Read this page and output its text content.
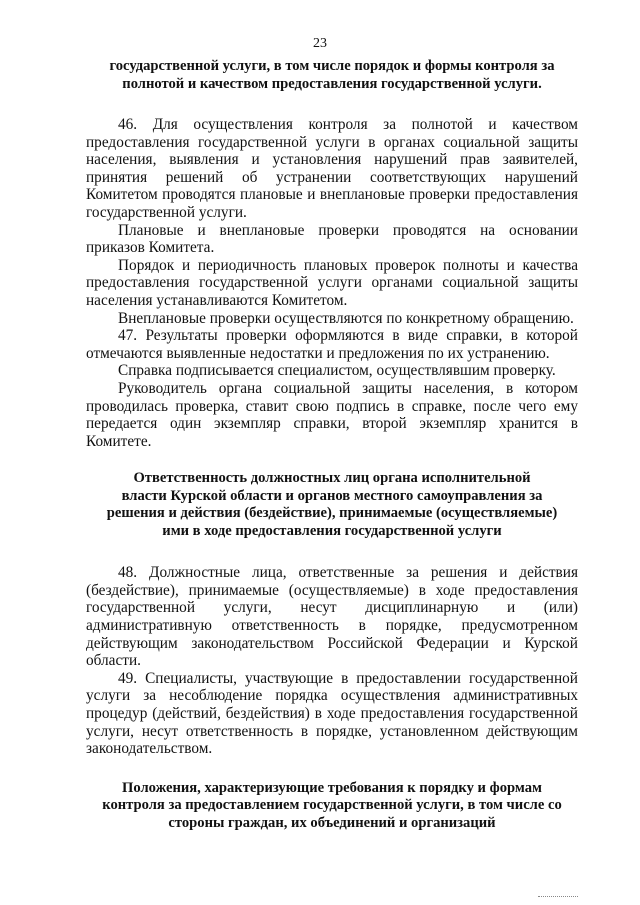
23
государственной услуги, в том числе порядок и формы контроля за
полнотой и качеством предоставления государственной услуги.

46. Для осуществления контроля за полнотой и качеством предоставления государственной услуги в органах социальной защиты населения, выявления и установления нарушений прав заявителей, принятия решений об устранении соответствующих нарушений Комитетом проводятся плановые и внеплановые проверки предоставления государственной услуги.

Плановые и внеплановые проверки проводятся на основании приказов Комитета.

Порядок и периодичность плановых проверок полноты и качества предоставления государственной услуги органами социальной защиты населения устанавливаются Комитетом.

Внеплановые проверки осуществляются по конкретному обращению.

47. Результаты проверки оформляются в виде справки, в которой отмечаются выявленные недостатки и предложения по их устранению.

Справка подписывается специалистом, осуществлявшим проверку.

Руководитель органа социальной защиты населения, в котором проводилась проверка, ставит свою подпись в справке, после чего ему передается один экземпляр справки, второй экземпляр хранится в Комитете.

Ответственность должностных лиц органа исполнительной
власти Курской области и органов местного самоуправления за
решения и действия (бездействие), принимаемые (осуществляемые)
ими в ходе предоставления государственной услуги

48. Должностные лица, ответственные за решения и действия (бездействие), принимаемые (осуществляемые) в ходе предоставления государственной услуги, несут дисциплинарную и (или) административную ответственность в порядке, предусмотренном действующим законодательством Российской Федерации и Курской области.

49. Специалисты, участвующие в предоставлении государственной услуги за несоблюдение порядка осуществления административных процедур (действий, бездействия) в ходе предоставления государственной услуги, несут ответственность в порядке, установленном действующим законодательством.

Положения, характеризующие требования к порядку и формам
контроля за предоставлением государственной услуги, в том числе со
стороны граждан, их объединений и организаций
